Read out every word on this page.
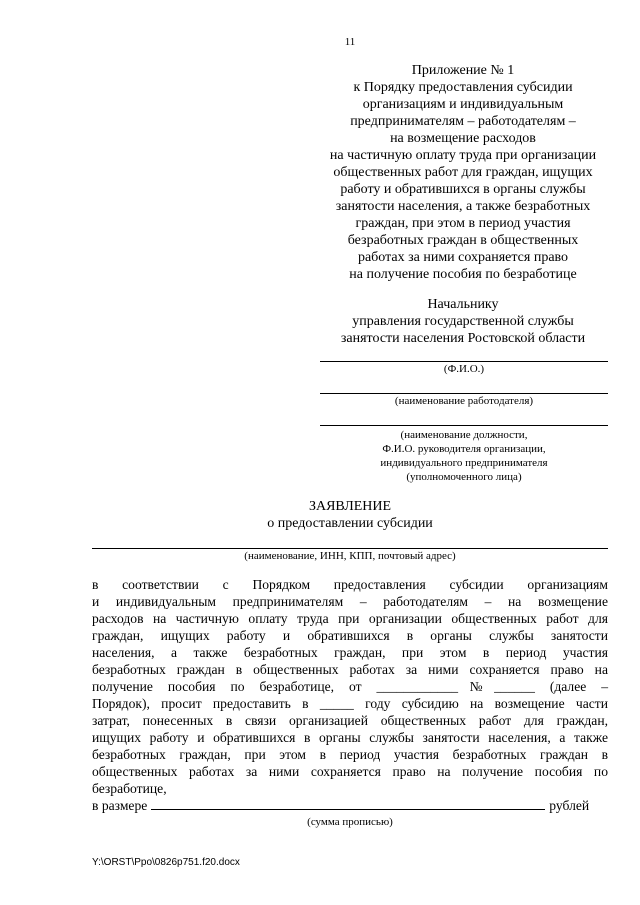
11
Приложение № 1
к Порядку предоставления субсидии
организациям и индивидуальным
предпринимателям – работодателям –
на возмещение расходов
на частичную оплату труда при организации
общественных работ для граждан, ищущих
работу и обратившихся в органы службы
занятости населения, а также безработных
граждан, при этом в период участия
безработных граждан в общественных
работах за ними сохраняется право
на получение пособия по безработице
Начальнику
управления государственной службы
занятости населения Ростовской области
(Ф.И.О.)
(наименование работодателя)
(наименование должности,
Ф.И.О. руководителя организации,
индивидуального предпринимателя
(уполномоченного лица)
ЗАЯВЛЕНИЕ
о предоставлении субсидии
(наименование, ИНН, КПП, почтовый адрес)
в соответствии с Порядком предоставления субсидии организациям
и индивидуальным предпринимателям – работодателям – на возмещение
расходов на частичную оплату труда при организации общественных работ для
граждан, ищущих работу и обратившихся в органы службы занятости
населения, а также безработных граждан, при этом в период участия
безработных граждан в общественных работах за ними сохраняется право на
получение пособия по безработице, от ____________№______ (далее –
Порядок), просит предоставить в _____ году субсидию на возмещение части
затрат, понесенных в связи организацией общественных работ для граждан,
ищущих работу и обратившихся в органы службы занятости населения, а также
безработных граждан, при этом в период участия безработных граждан в
общественных работах за ними сохраняется право на получение пособия по
безработице,
в размере	рублей
(сумма прописью)
Y:\ORST\Ppo\0826p751.f20.docx
